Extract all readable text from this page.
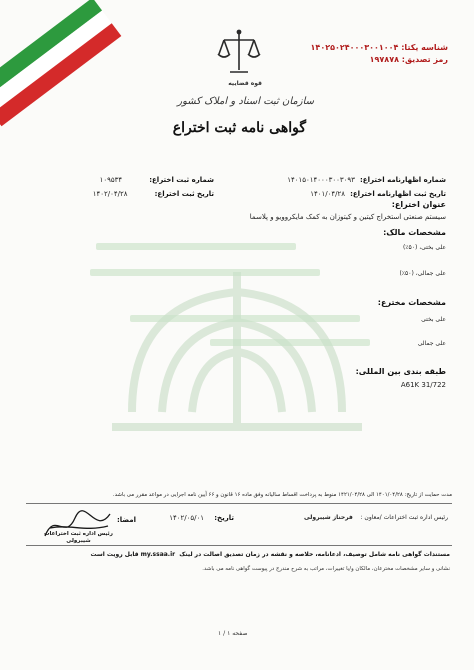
شناسه یکتا: ۱۴۰۲۵۰۲۴۰۰۰۳۰۰۱۰۰۴
رمز تصدیق: ۱۹۷۸۷۸
قوه قضاییه
سازمان ثبت اسناد و املاک کشور
گواهی نامه ثبت اختراع
شماره اظهارنامه اختراع: ۱۴۰۱۵۰۱۴۰۰۰۳۰۰۳۰۹۳
شماره ثبت اختراع: ۱۰۹۵۳۴
تاریخ ثبت اظهارنامه اختراع: ۱۴۰۱/۰۴/۲۸
تاریخ ثبت اختراع: ۱۴۰۲/۰۴/۲۸
عنوان اختراع:
سیستم صنعتی استخراج کیتین و کیتوزان به کمک مایکروویو و پلاسما
مشخصات مالک:
علی بختی، (۵۰٪)
علی جمالی، (۵۰٪)
مشخصات مخترع:
علی بختی
علی جمالی
طبقه بندی بین المللی:
A61K 31/722
مدت حمایت از تاریخ: ۱۴۰۱/۰۴/۲۸ الی ۱۴۲۱/۰۴/۲۸ منوط به پرداخت اقساط سالیانه وفق ماده ۱۶ قانون و ۶۶ آیین نامه اجرایی در مواعد مقرر می باشد.
رئیس اداره ثبت اختراعات /معاون :    فرحناز شیبرولی
تاریخ: ۱۴۰۲/۰۵/۰۱
امضا:
رئیس اداره ثبت اختراعات
شیبرولی
مستندات گواهی نامه شامل توصیف، ادعانامه، خلاصه و نقشه در زمان تصدیق اصالت در لینک  my.ssaa.ir قابل رویت است
نشانی و سایر مشخصات مخترعان، مالکان و/یا تغییرات، مراتب به شرح مندرج در پیوست گواهی نامه می باشد.
صفحه ۱ / ۱
